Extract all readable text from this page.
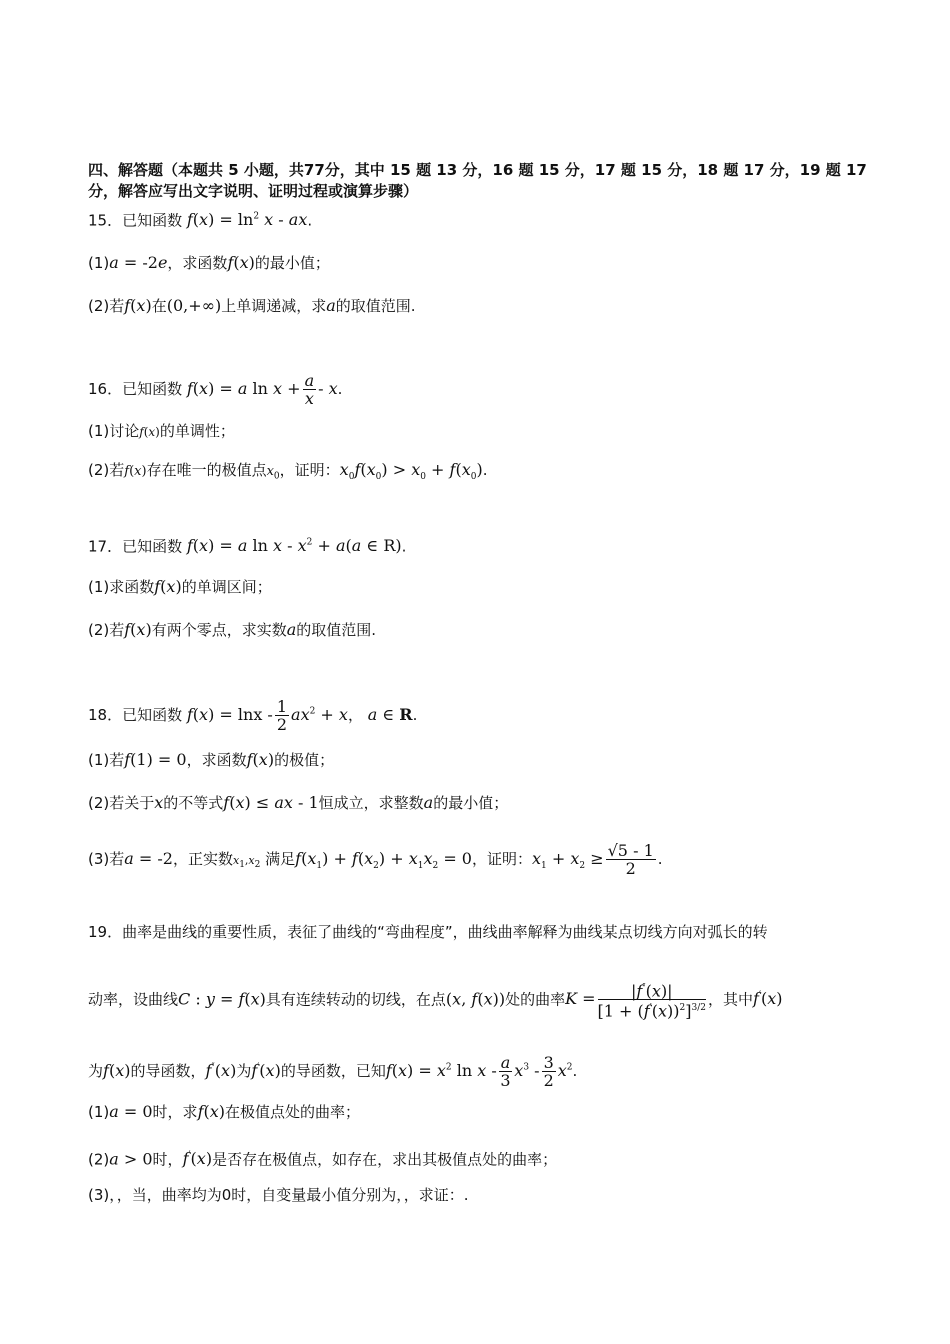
四、解答题（本题共 5 小题，共77分，其中 15 题 13 分，16 题 15 分，17 题 15 分，18 题 17 分，19 题 17 分，解答应写出文字说明、证明过程或演算步骤）
15．已知函数 $f(x) = \ln^2 x$ - ax.
(1)a = -2e，求函数f(x)的最小值；
(2)若f(x)在(0,+∞)上单调递减，求a的取值范围.
16．已知函数 f(x) = a $\ln x + \frac{a}{x} - x$.
(1)讨论f(x)的单调性；
(2)若f(x)存在唯一的极值点$x_0$，证明：$x_0f(x_0) > x_0 + f(x_0)$.
17．已知函数 f(x) = a $\ln x - x^2 + a(a$ ∈ R).
(1)求函数f(x)的单调区间；
(2)若f(x)有两个零点，求实数a的取值范围.
18．已知函数 $f(x) = \ln x - \frac{1}{2} ax^2 + x$， a ∈ R.
(1)若f(1) = 0，求函数f(x)的极值；
(2)若关于x的不等式f(x) ≤ ax - 1恒成立，求整数a的最小值；
(3)若a = -2，正实数$x_1,x_2$ 满足$f(x_1) + f(x_2) + x_1x_2 = 0$，证明：$x_1 + x_2 \ge \frac{√5 - 1}{2}$ .
19．曲率是曲线的重要性质，表征了曲线的“弯曲程度”，曲线曲率解释为曲线某点切线方向对弧长的转
动率，设曲线C : y = f(x)具有连续转动的切线，在点(x, f(x))处的曲率$K = \frac{|f''(x)|}{[1 + (f'(x))^2]^{3/2}}$ ，其中f′(x)
为f(x)的导函数，f″(x)为f′(x)的导函数，已知$f(x) = x^2$ ln x - $\frac{a}{3} x^3 - \frac{3}{2} x^2$.
(1)a = 0时，求f(x)在极值点处的曲率；
(2)a > 0时，f′(x)是否存在极值点，如存在，求出其极值点处的曲率；
(3)，，当，曲率均为0时，自变量最小值分别为，，求证：.
